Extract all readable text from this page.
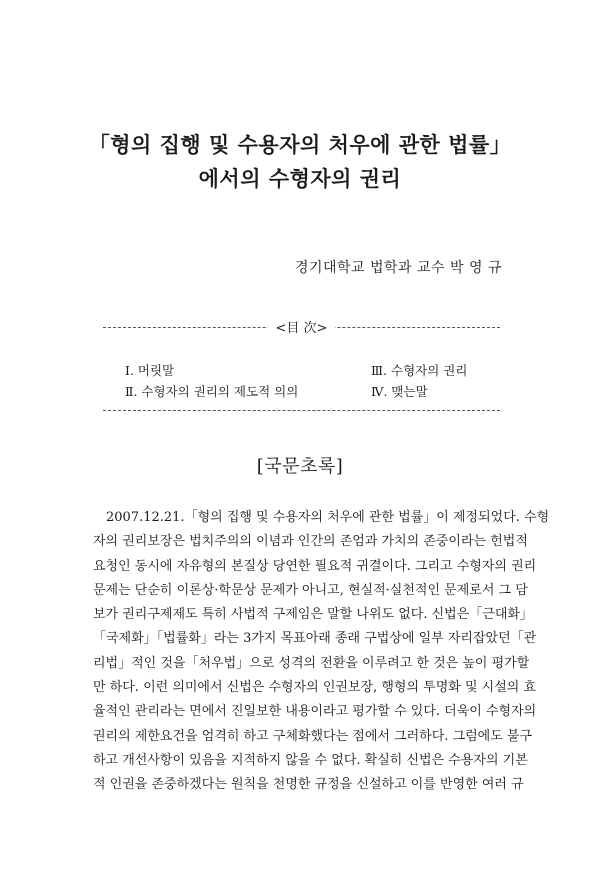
「형의 집행 및 수용자의 처우에 관한 법률」
에서의 수형자의 권리
경기대학교 법학과 교수 박 영 규
<目 次>
Ⅰ. 머릿말
Ⅱ. 수형자의 권리의 제도적 의의
Ⅲ. 수형자의 권리
Ⅳ. 맺는말
[국문초록]
2007.12.21.「형의 집행 및 수용자의 처우에 관한 법률」이 제정되었다. 수형
자의 권리보장은 법치주의의 이념과 인간의 존엄과 가치의 존중이라는 헌법적
요청인 동시에 자유형의 본질상 당연한 필요적 귀결이다. 그리고 수형자의 권리
문제는 단순히 이론상·학문상 문제가 아니고, 현실적·실천적인 문제로서 그 담
보가 권리구제제도 특히 사법적 구제임은 말할 나위도 없다. 신법은「근대화」
「국제화」「법률화」라는 3가지 목표아래 종래 구법상에 일부 자리잡았던「관
리법」적인 것을「처우법」으로 성격의 전환을 이루려고 한 것은 높이 평가할
만 하다. 이런 의미에서 신법은 수형자의 인권보장, 행형의 투명화 및 시설의 효
율적인 관리라는 면에서 진일보한 내용이라고 평가할 수 있다. 더욱이 수형자의
권리의 제한요건을 엄격히 하고 구체화했다는 점에서 그러하다. 그럼에도 불구
하고 개선사항이 있음을 지적하지 않을 수 없다. 확실히 신법은 수용자의 기본
적 인권을 존중하겠다는 원칙을 천명한 규정을 신설하고 이를 반영한 여러 규
